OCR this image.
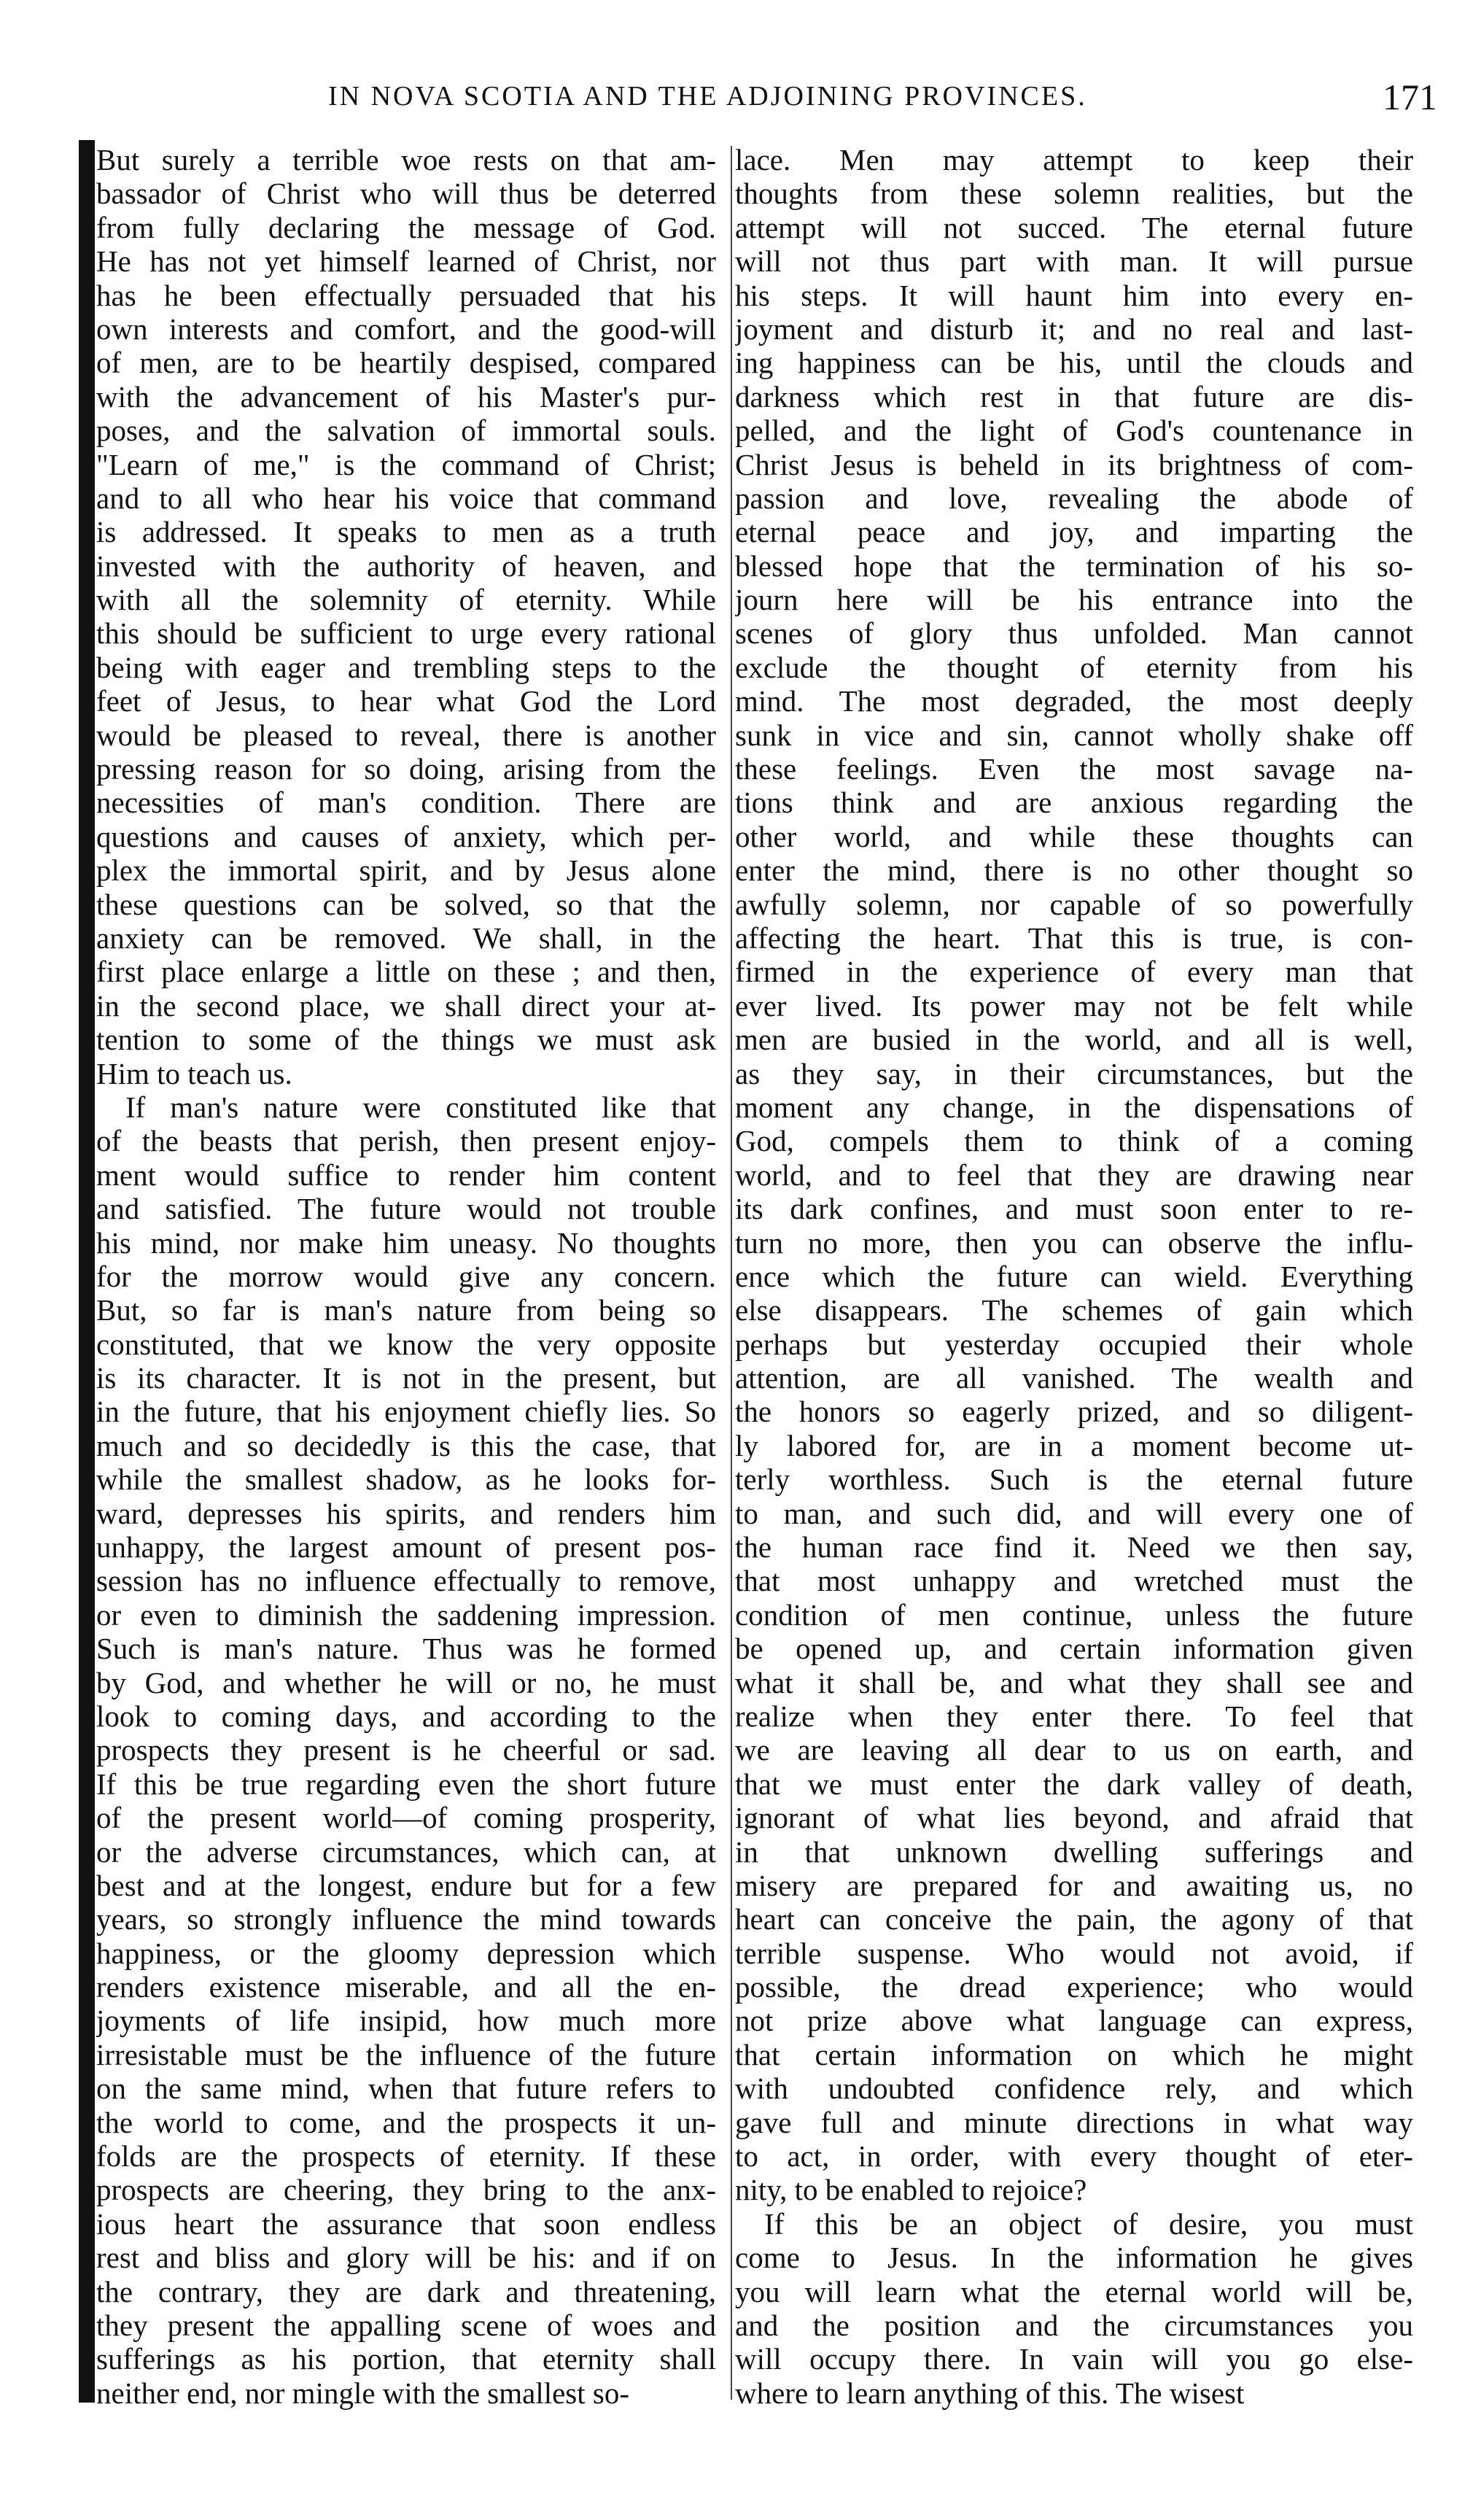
IN NOVA SCOTIA AND THE ADJOINING PROVINCES.	171
But surely a terrible woe rests on that am-
bassador of Christ who will thus be deterred
from fully declaring the message of God.
He has not yet himself learned of Christ, nor
has he been effectually persuaded that his
own interests and comfort, and the good-will
of men, are to be heartily despised, compared
with the advancement of his Master's pur-
poses, and the salvation of immortal souls.
"Learn of me," is the command of Christ;
and to all who hear his voice that command
is addressed. It speaks to men as a truth
invested with the authority of heaven, and
with all the solemnity of eternity. While
this should be sufficient to urge every rational
being with eager and trembling steps to the
feet of Jesus, to hear what God the Lord
would be pleased to reveal, there is another
pressing reason for so doing, arising from the
necessities of man's condition. There are
questions and causes of anxiety, which per-
plex the immortal spirit, and by Jesus alone
these questions can be solved, so that the
anxiety can be removed. We shall, in the
first place enlarge a little on these ; and then,
in the second place, we shall direct your at-
tention to some of the things we must ask
Him to teach us.
If man's nature were constituted like that
of the beasts that perish, then present enjoy-
ment would suffice to render him content
and satisfied. The future would not trouble
his mind, nor make him uneasy. No thoughts
for the morrow would give any concern.
But, so far is man's nature from being so
constituted, that we know the very opposite
is its character. It is not in the present, but
in the future, that his enjoyment chiefly lies. So
much and so decidedly is this the case, that
while the smallest shadow, as he looks for-
ward, depresses his spirits, and renders him
unhappy, the largest amount of present pos-
session has no influence effectually to remove,
or even to diminish the saddening impression.
Such is man's nature. Thus was he formed
by God, and whether he will or no, he must
look to coming days, and according to the
prospects they present is he cheerful or sad.
If this be true regarding even the short future
of the present world—of coming prosperity,
or the adverse circumstances, which can, at
best and at the longest, endure but for a few
years, so strongly influence the mind towards
happiness, or the gloomy depression which
renders existence miserable, and all the en-
joyments of life insipid, how much more
irresistable must be the influence of the future
on the same mind, when that future refers to
the world to come, and the prospects it un-
folds are the prospects of eternity. If these
prospects are cheering, they bring to the anx-
ious heart the assurance that soon endless
rest and bliss and glory will be his: and if on
the contrary, they are dark and threatening,
they present the appalling scene of woes and
sufferings as his portion, that eternity shall
neither end, nor mingle with the smallest so-
lace. Men may attempt to keep their
thoughts from these solemn realities, but the
attempt will not succed. The eternal future
will not thus part with man. It will pursue
his steps. It will haunt him into every en-
joyment and disturb it; and no real and last-
ing happiness can be his, until the clouds and
darkness which rest in that future are dis-
pelled, and the light of God's countenance in
Christ Jesus is beheld in its brightness of com-
passion and love, revealing the abode of
eternal peace and joy, and imparting the
blessed hope that the termination of his so-
journ here will be his entrance into the
scenes of glory thus unfolded. Man cannot
exclude the thought of eternity from his
mind. The most degraded, the most deeply
sunk in vice and sin, cannot wholly shake off
these feelings. Even the most savage na-
tions think and are anxious regarding the
other world, and while these thoughts can
enter the mind, there is no other thought so
awfully solemn, nor capable of so powerfully
affecting the heart. That this is true, is con-
firmed in the experience of every man that
ever lived. Its power may not be felt while
men are busied in the world, and all is well,
as they say, in their circumstances, but the
moment any change, in the dispensations of
God, compels them to think of a coming
world, and to feel that they are drawing near
its dark confines, and must soon enter to re-
turn no more, then you can observe the influ-
ence which the future can wield. Everything
else disappears. The schemes of gain which
perhaps but yesterday occupied their whole
attention, are all vanished. The wealth and
the honors so eagerly prized, and so diligent-
ly labored for, are in a moment become ut-
terly worthless. Such is the eternal future
to man, and such did, and will every one of
the human race find it. Need we then say,
that most unhappy and wretched must the
condition of men continue, unless the future
be opened up, and certain information given
what it shall be, and what they shall see and
realize when they enter there. To feel that
we are leaving all dear to us on earth, and
that we must enter the dark valley of death,
ignorant of what lies beyond, and afraid that
in that unknown dwelling sufferings and
misery are prepared for and awaiting us, no
heart can conceive the pain, the agony of that
terrible suspense. Who would not avoid, if
possible, the dread experience; who would
not prize above what language can express,
that certain information on which he might
with undoubted confidence rely, and which
gave full and minute directions in what way
to act, in order, with every thought of eter-
nity, to be enabled to rejoice?
If this be an object of desire, you must
come to Jesus. In the information he gives
you will learn what the eternal world will be,
and the position and the circumstances you
will occupy there. In vain will you go else-
where to learn anything of this. The wisest
